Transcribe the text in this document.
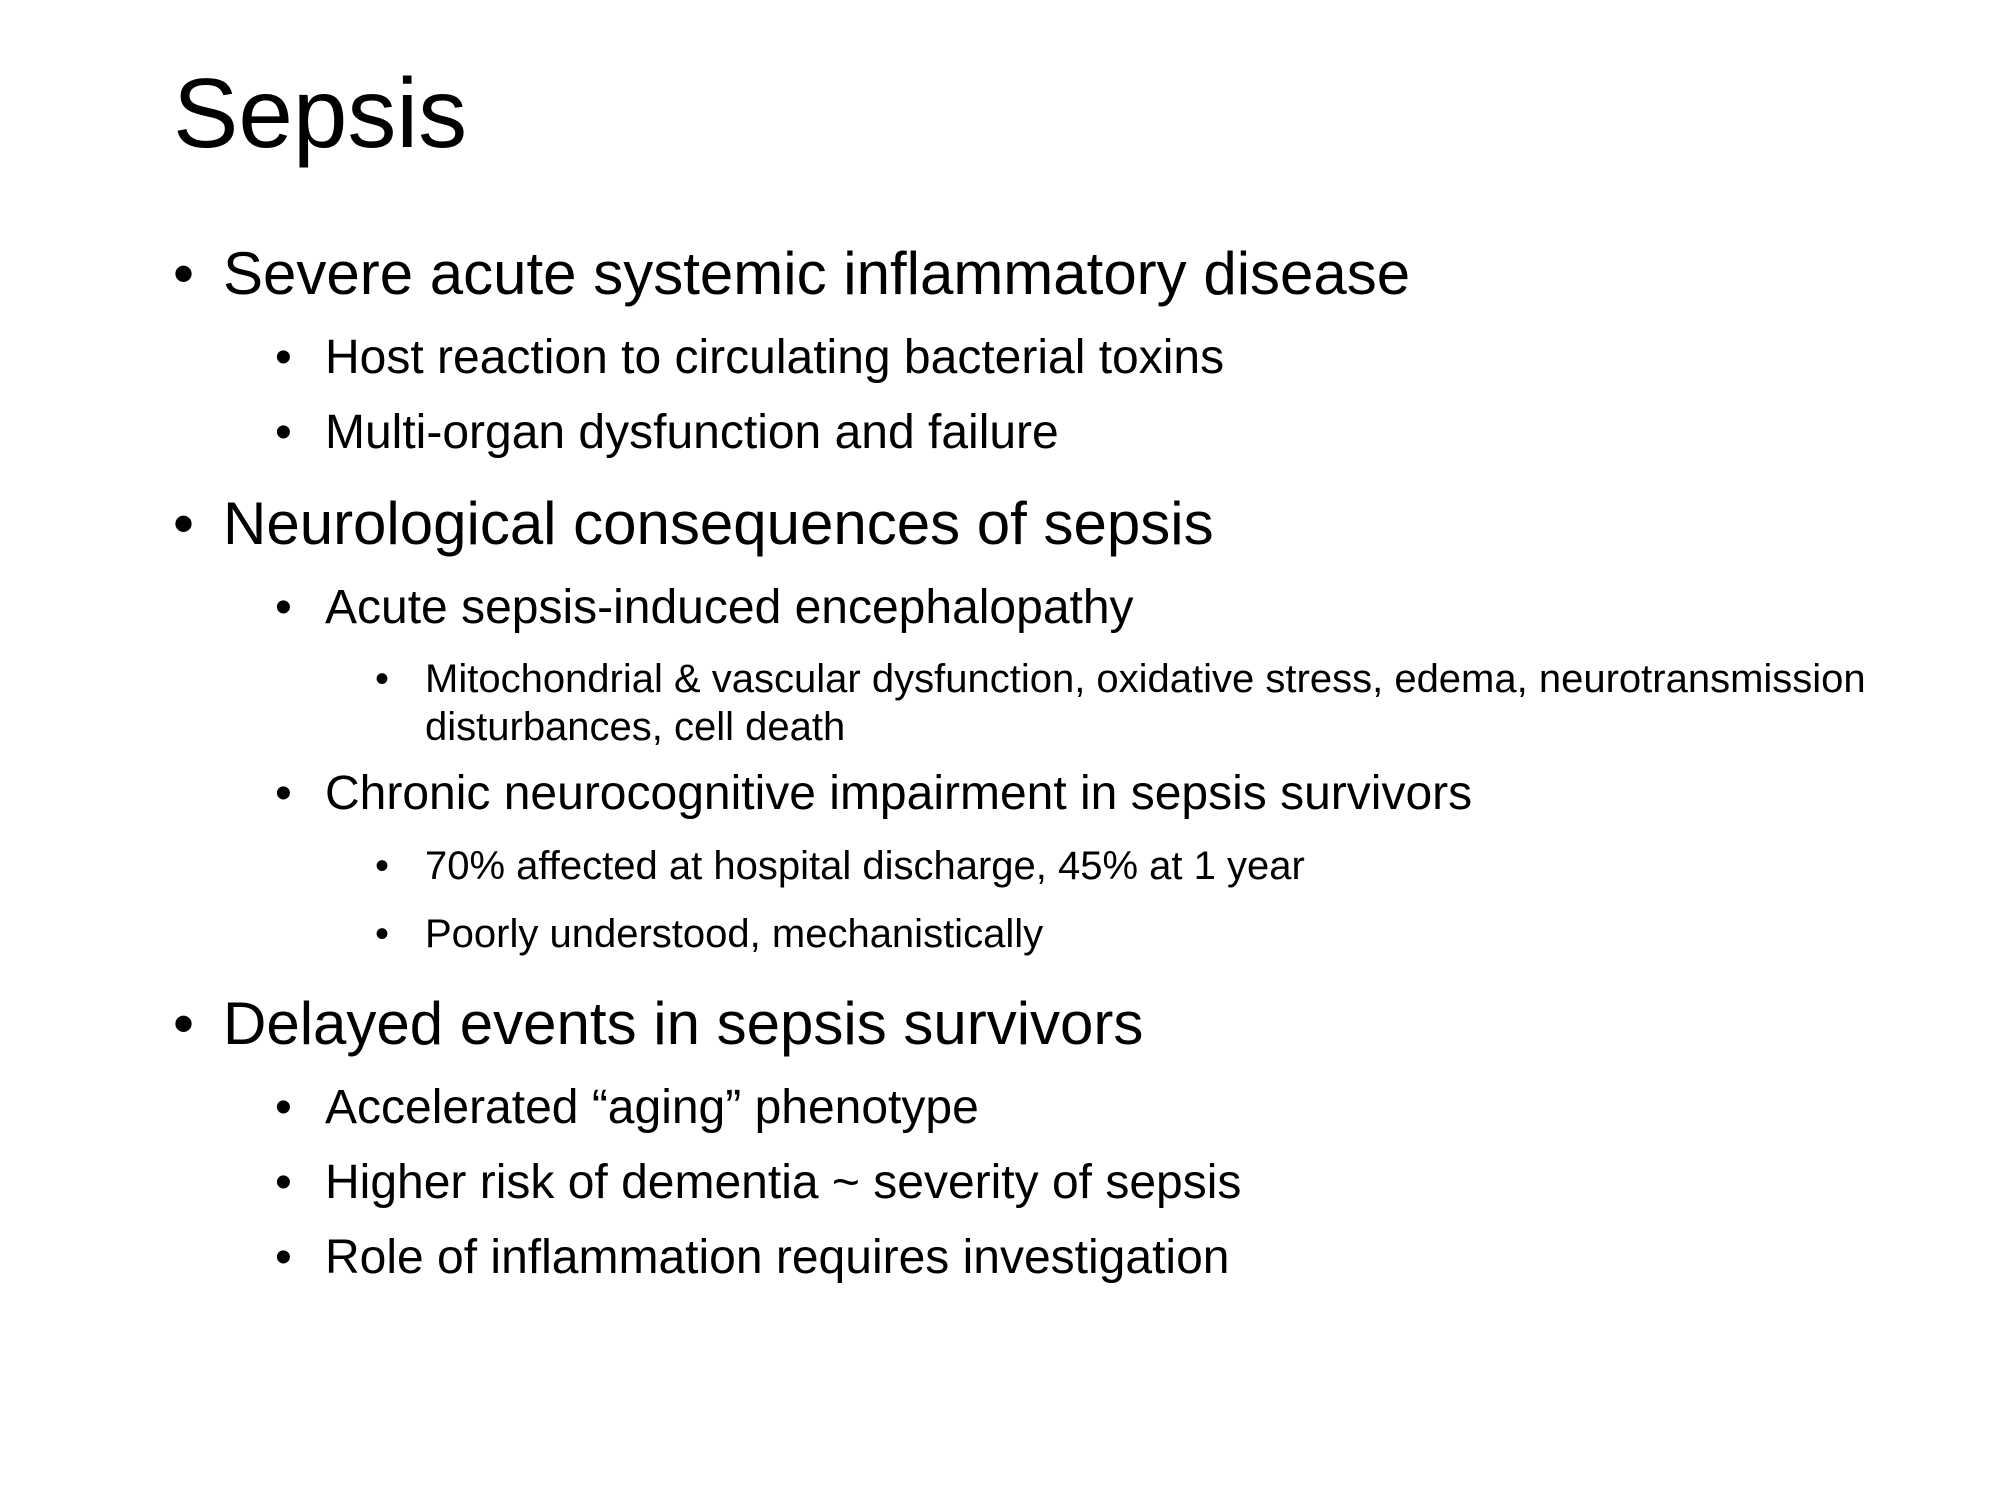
Sepsis
• Severe acute systemic inflammatory disease
• Host reaction to circulating bacterial toxins
• Multi-organ dysfunction and failure
• Neurological consequences of sepsis
• Acute sepsis-induced encephalopathy
• Mitochondrial & vascular dysfunction, oxidative stress, edema, neurotransmission disturbances, cell death
• Chronic neurocognitive impairment in sepsis survivors
• 70% affected at hospital discharge, 45% at 1 year
• Poorly understood, mechanistically
• Delayed events in sepsis survivors
• Accelerated “aging” phenotype
• Higher risk of dementia ~ severity of sepsis
• Role of inflammation requires investigation
